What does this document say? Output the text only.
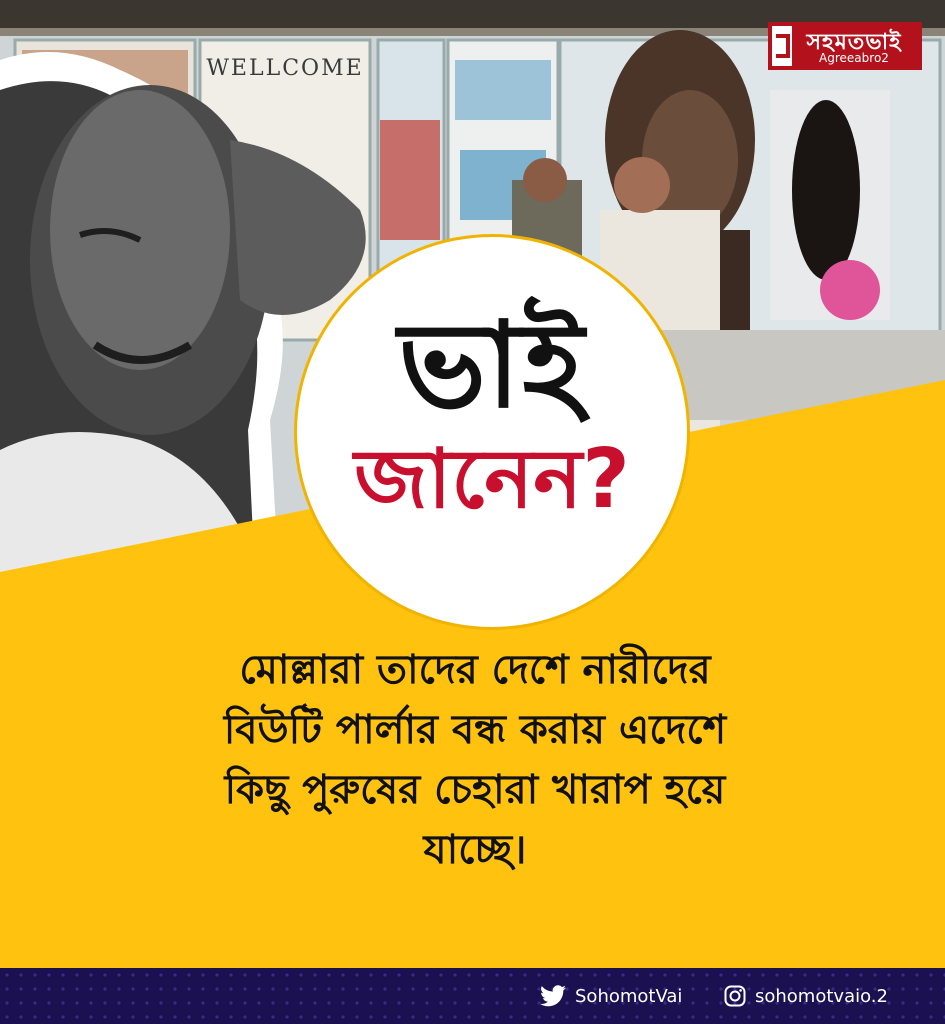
WELLCOME
সহমতভাই
Agreeabro2
ভাই
জানেন?
মোল্লারা তাদের দেশে নারীদের
বিউটি পার্লার বন্ধ করায় এদেশে
কিছু পুরুষের চেহারা খারাপ হয়ে
যাচ্ছে।
SohomotVai	sohomotvaio.2
